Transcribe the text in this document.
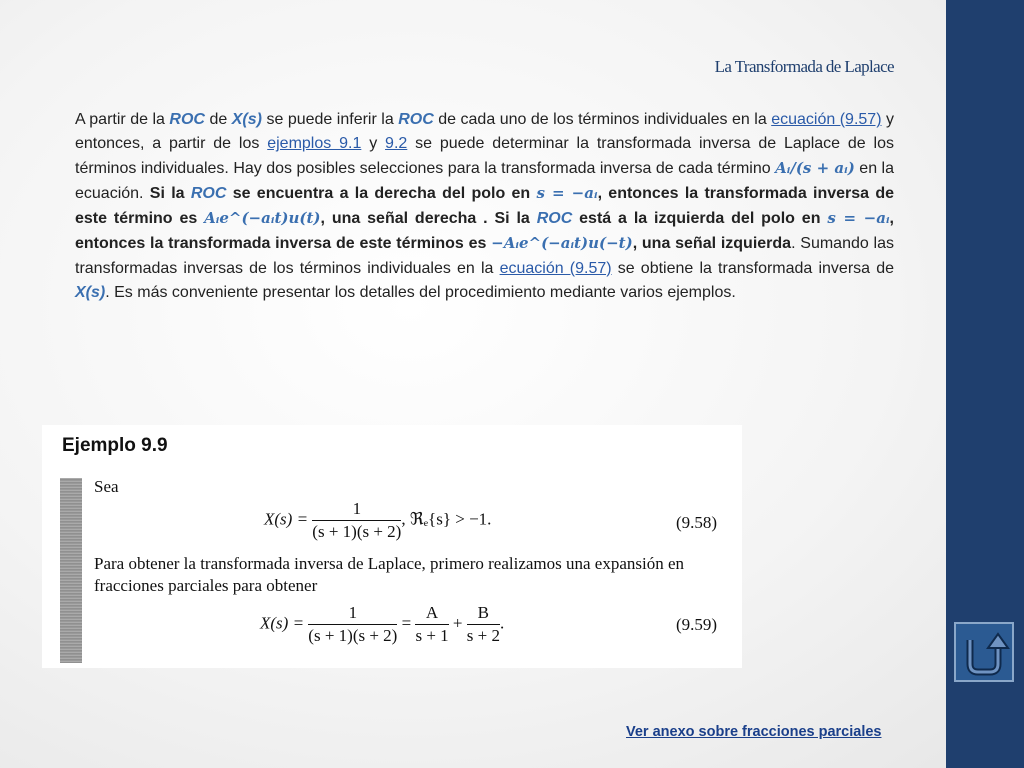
La Transformada de Laplace
A partir de la ROC de X(s) se puede inferir la ROC de cada uno de los términos individuales en la ecuación (9.57) y entonces, a partir de los ejemplos 9.1 y 9.2 se puede determinar la transformada inversa de Laplace de los términos individuales. Hay dos posibles selecciones para la transformada inversa de cada término Aᵢ/(s + aᵢ) en la ecuación. Si la ROC se encuentra a la derecha del polo en s = −aᵢ, entonces la transformada inversa de este término es Aᵢe^(−aᵢt)u(t), una señal derecha . Si la ROC está a la izquierda del polo en s = −aᵢ, entonces la transformada inversa de este términos es −Aᵢe^(−aᵢt)u(−t), una señal izquierda. Sumando las transformadas inversas de los términos individuales en la ecuación (9.57) se obtiene la transformada inversa de X(s). Es más conveniente presentar los detalles del procedimiento mediante varios ejemplos.
Ejemplo 9.9
Sea
$X(s) = \frac{1}{(s + 1)(s + 2)}$ , ℜₑ{s} > −1.	(9.58)
Para obtener la transformada inversa de Laplace, primero realizamos una expansión en fracciones parciales para obtener
$X(s) = \frac{1}{(s + 1)(s + 2)} = \frac{A}{s + 1} + \frac{B}{s + 2}$ .	(9.59)
Ver anexo sobre fracciones parciales
